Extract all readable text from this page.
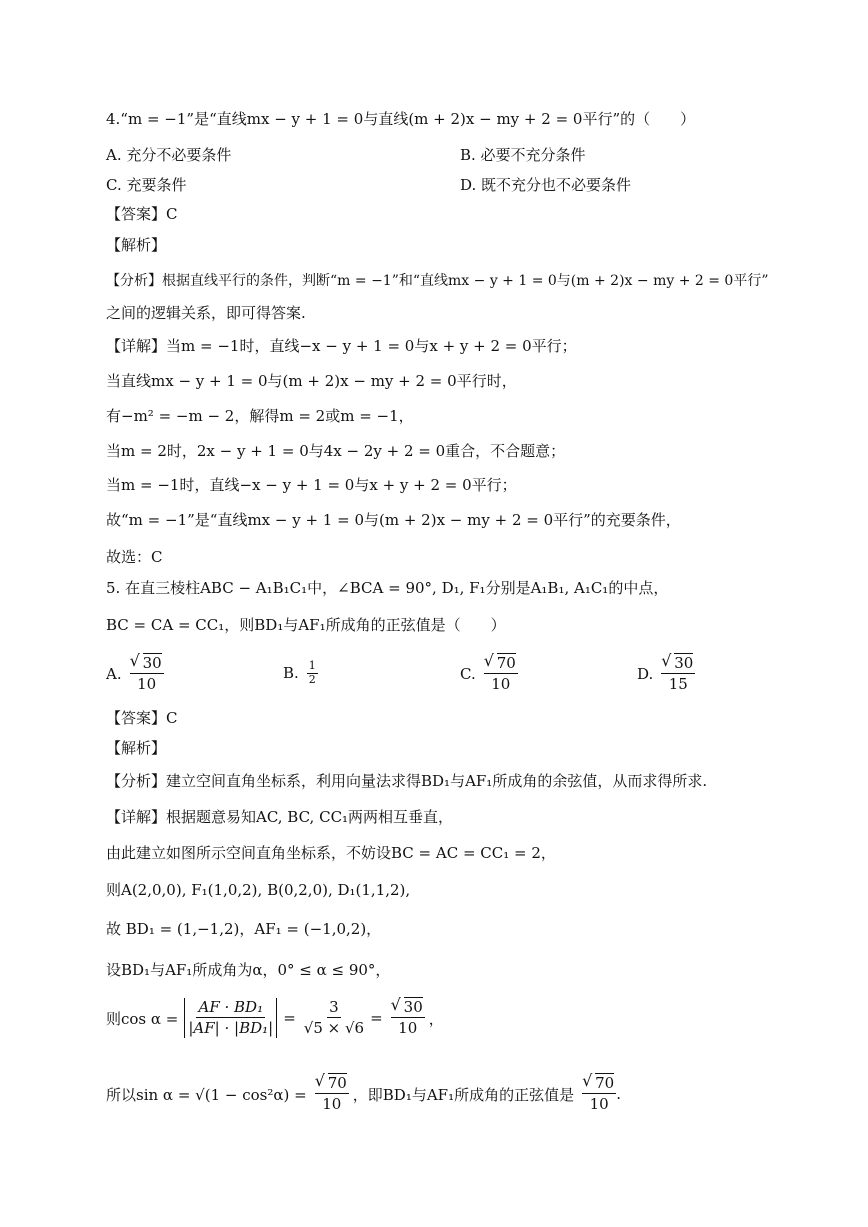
4.“m = −1”是“直线mx − y + 1 = 0与直线(m + 2)x − my + 2 = 0平行”的（　　）
A. 充分不必要条件	B. 必要不充分条件
C. 充要条件	D. 既不充分也不必要条件
【答案】C
【解析】
【分析】根据直线平行的条件，判断“m = −1”和“直线mx − y + 1 = 0与(m + 2)x − my + 2 = 0平行”
之间的逻辑关系，即可得答案.
【详解】当m = −1时，直线−x − y + 1 = 0与x + y + 2 = 0平行；
当直线mx − y + 1 = 0与(m + 2)x − my + 2 = 0平行时，
有−m² = −m − 2，解得m = 2或m = −1，
当m = 2时，2x − y + 1 = 0与4x − 2y + 2 = 0重合，不合题意；
当m = −1时，直线−x − y + 1 = 0与x + y + 2 = 0平行；
故“m = −1”是“直线mx − y + 1 = 0与(m + 2)x − my + 2 = 0平行”的充要条件，
故选：C
5. 在直三棱柱ABC − A₁B₁C₁中，∠BCA = 90°, D₁, F₁分别是A₁B₁, A₁C₁的中点，
BC = CA = CC₁，则BD₁与AF₁所成角的正弦值是（　　）
A. √ $\frac{30}{10}$	B. $\frac{1}{2}$	C. √ $\frac{70}{10}$	D. √ $\frac{30}{15}$
【答案】C
【解析】
【分析】建立空间直角坐标系，利用向量法求得BD₁与AF₁所成角的余弦值，从而求得所求.
【详解】根据题意易知AC, BC, CC₁两两相互垂直，
由此建立如图所示空间直角坐标系，不妨设BC = AC = CC₁ = 2，
则A(2,0,0), F₁(1,0,2), B(0,2,0), D₁(1,1,2),
故 BD₁ = (1,−1,2)，AF₁ = (−1,0,2)，
设BD₁与AF₁所成角为α，0° ≤ α ≤ 90°，
则$\cos \alpha = \frac{\text{AF · BD₁}}{\text{|AF| · |BD₁|}} = \frac{3}{√5 \times √6}$ = √ $\frac{30}{10}$ ，
所以sin α = √(1 − cos²α) = √ $\frac{70}{10}$ ，即BD₁与AF₁所成角的正弦值是 √ $\frac{70}{10}$ .
